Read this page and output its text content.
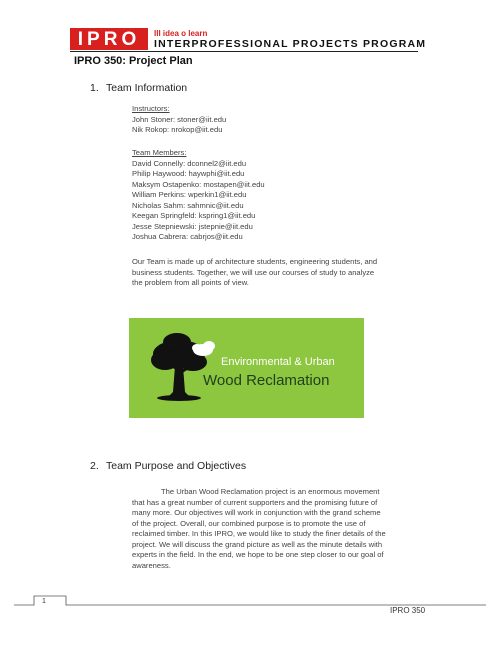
IPRO	Ill idea o learn
INTERPROFESSIONAL PROJECTS PROGRAM
IPRO 350: Project Plan
1. Team Information
Instructors:
John Stoner: stoner@iit.edu
Nik Rokop: nrokop@iit.edu
Team Members:
David Connelly: dconnel2@iit.edu
Philip Haywood: haywphi@iit.edu
Maksym Ostapenko: mostapen@iit.edu
William Perkins: wperkin1@iit.edu
Nicholas Sahm: sahmnic@iit.edu
Keegan Springfeld: kspring1@iit.edu
Jesse Stepniewski: jstepnie@iit.edu
Joshua Cabrera: cabrjos@iit.edu
Our Team is made up of architecture students, engineering students, and
business students. Together, we will use our courses of study to analyze
the problem from all points of view.
Environmental & Urban
Wood Reclamation
2. Team Purpose and Objectives
The Urban Wood Reclamation project is an enormous movement
that has a great number of current supporters and the promising future of
many more. Our objectives will work in conjunction with the grand scheme
of the project. Overall, our combined purpose is to promote the use of
reclaimed timber. In this IPRO, we would like to study the finer details of the
project. We will discuss the grand picture as well as the minute details with
experts in the field. In the end, we hope to be one step closer to our goal of
awareness.
1
IPRO 350
